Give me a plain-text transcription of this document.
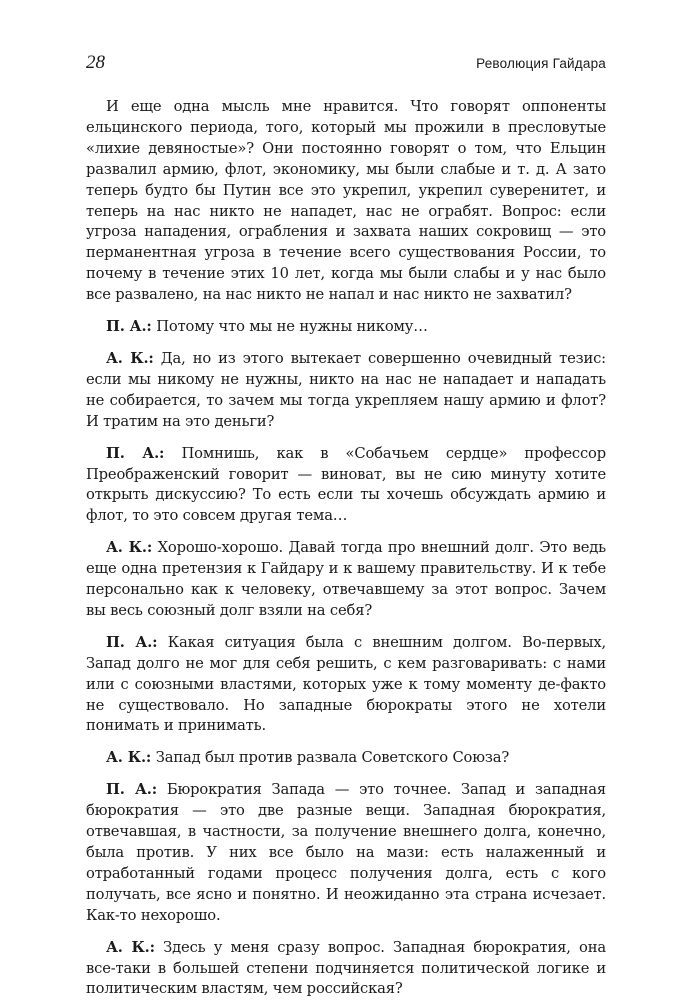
28	Революция Гайдара

И еще одна мысль мне нравится. Что говорят оппоненты ельцинского периода, того, который мы прожили в пресловутые «лихие девяностые»? Они постоянно говорят о том, что Ельцин развалил армию, флот, экономику, мы были слабые и т. д. А зато теперь будто бы Путин все это укрепил, укрепил суверенитет, и теперь на нас никто не нападет, нас не ограбят. Вопрос: если угроза нападения, ограбления и захвата наших сокровищ — это перманентная угроза в течение всего существования России, то почему в течение этих 10 лет, когда мы были слабы и у нас было все развалено, на нас никто не напал и нас никто не захватил?

П. А.: Потому что мы не нужны никому…

А. К.: Да, но из этого вытекает совершенно очевидный тезис: если мы никому не нужны, никто на нас не нападает и нападать не собирается, то зачем мы тогда укрепляем нашу армию и флот? И тратим на это деньги?

П. А.: Помнишь, как в «Собачьем сердце» профессор Преображенский говорит — виноват, вы не сию минуту хотите открыть дискуссию? То есть если ты хочешь обсуждать армию и флот, то это совсем другая тема…

А. К.: Хорошо-хорошо. Давай тогда про внешний долг. Это ведь еще одна претензия к Гайдару и к вашему правительству. И к тебе персонально как к человеку, отвечавшему за этот вопрос. Зачем вы весь союзный долг взяли на себя?

П. А.: Какая ситуация была с внешним долгом. Во-первых, Запад долго не мог для себя решить, с кем разговаривать: с нами или с союзными властями, которых уже к тому моменту де-факто не существовало. Но западные бюрократы этого не хотели понимать и принимать.

А. К.: Запад был против развала Советского Союза?

П. А.: Бюрократия Запада — это точнее. Запад и западная бюрократия — это две разные вещи. Западная бюрократия, отвечавшая, в частности, за получение внешнего долга, конечно, была против. У них все было на мази: есть налаженный и отработанный годами процесс получения долга, есть с кого получать, все ясно и понятно. И неожиданно эта страна исчезает. Как-то нехорошо.

А. К.: Здесь у меня сразу вопрос. Западная бюрократия, она все-таки в большей степени подчиняется политической логике и политическим властям, чем российская?
